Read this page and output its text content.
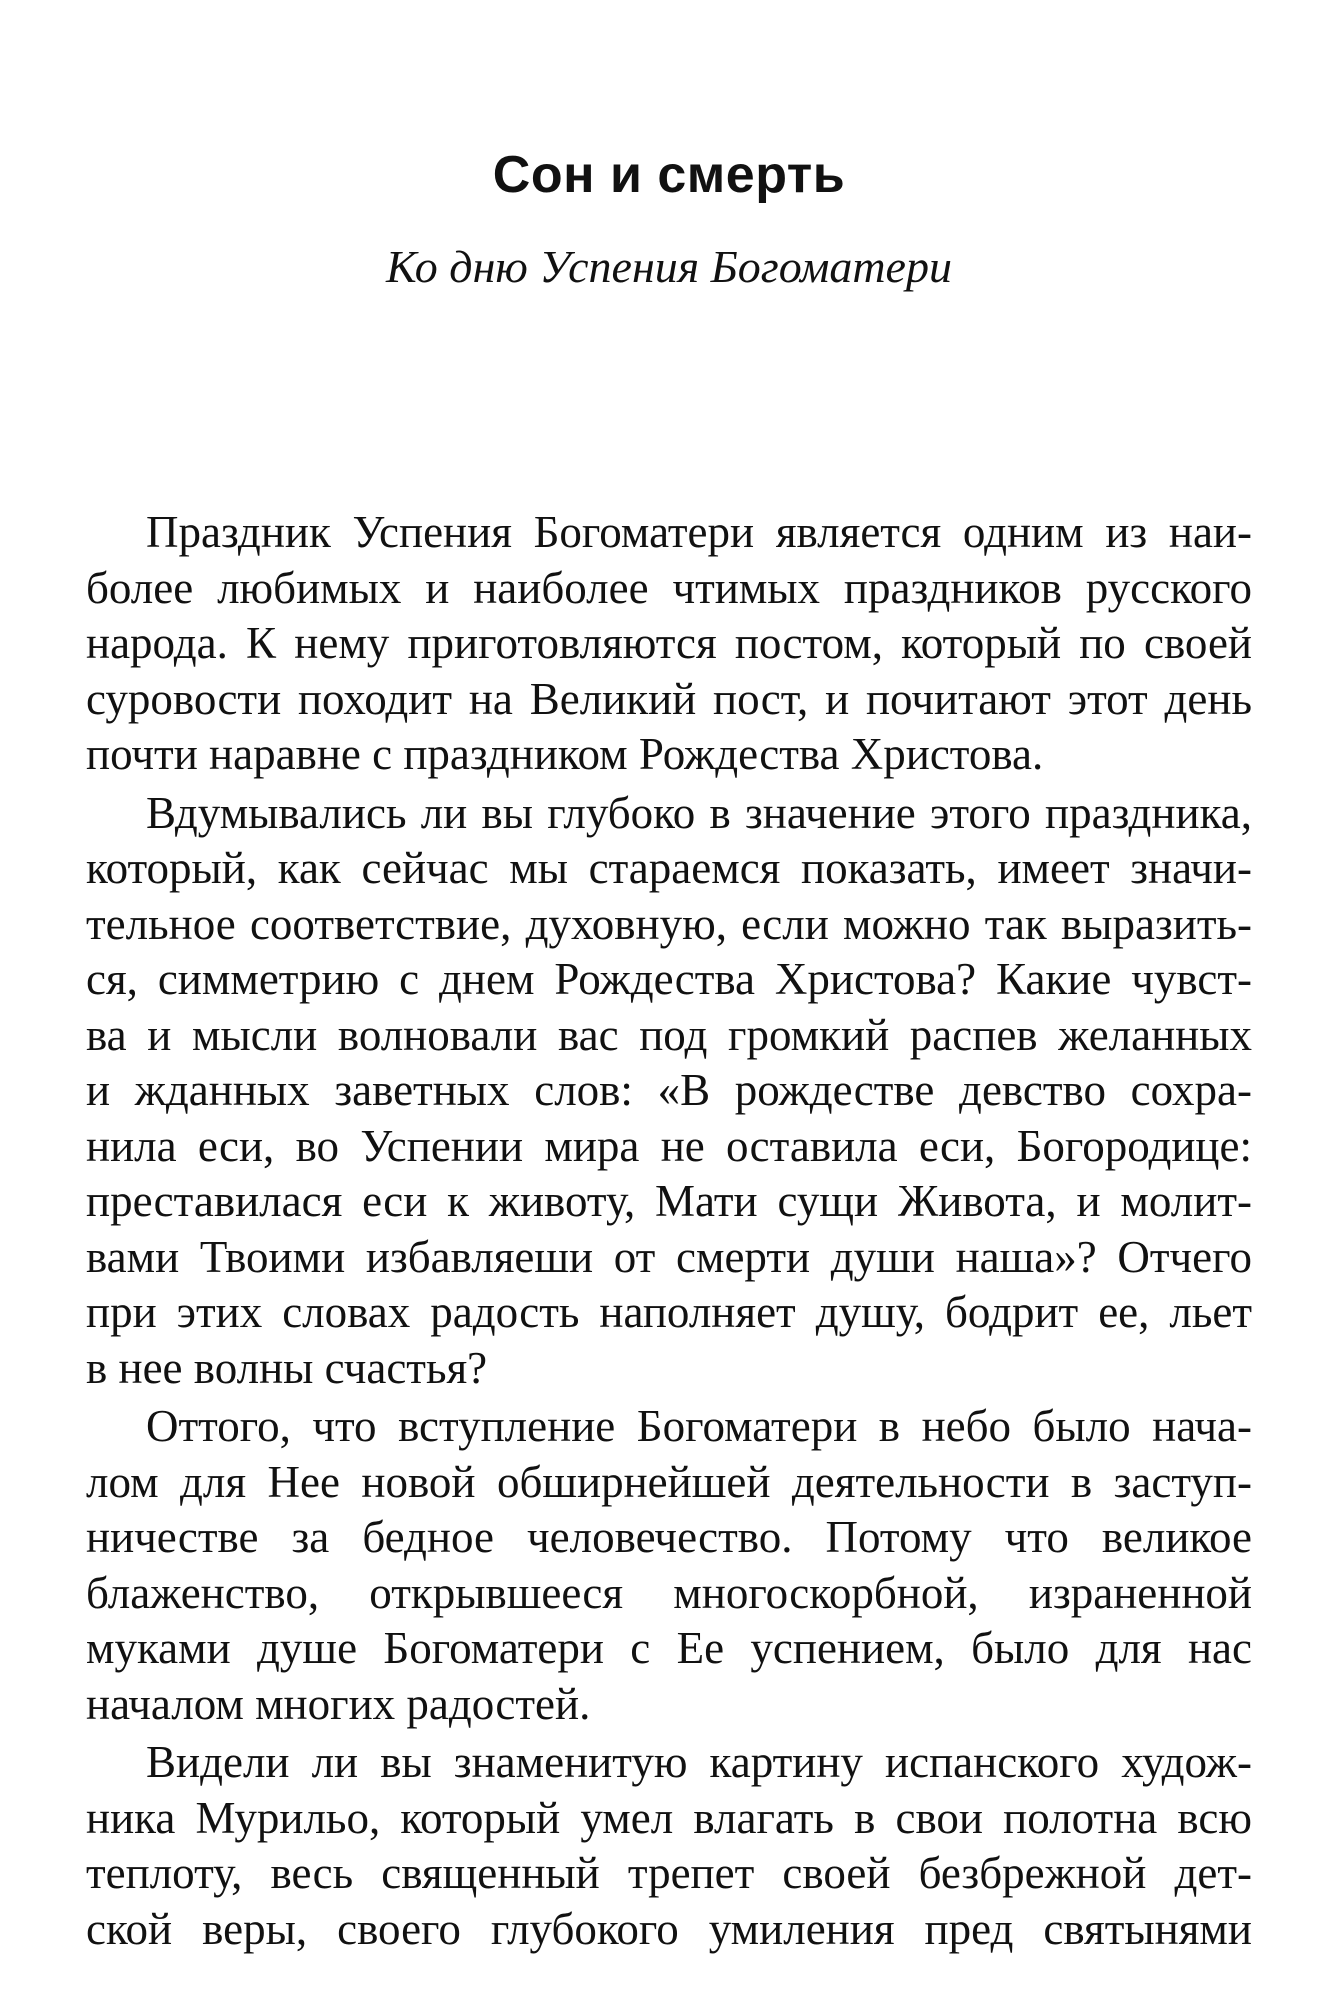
Сон и смерть
Ко дню Успения Богоматери
Праздник Успения Богоматери является одним из наи-
более любимых и наиболее чтимых праздников русского
народа. К нему приготовляются постом, который по своей
суровости походит на Великий пост, и почитают этот день
почти наравне с праздником Рождества Христова.
Вдумывались ли вы глубоко в значение этого праздника,
который, как сейчас мы стараемся показать, имеет значи-
тельное соответствие, духовную, если можно так выразить-
ся, симметрию с днем Рождества Христова? Какие чувст-
ва и мысли волновали вас под громкий распев желанных
и жданных заветных слов: «В рождестве девство сохра-
нила еси, во Успении мира не оставила еси, Богородице:
преставилася еси к животу, Мати сущи Живота, и молит-
вами Твоими избавляеши от смерти души наша»? Отчего
при этих словах радость наполняет душу, бодрит ее, льет
в нее волны счастья?
Оттого, что вступление Богоматери в небо было нача-
лом для Нее новой обширнейшей деятельности в заступ-
ничестве за бедное человечество. Потому что великое
блаженство, открывшееся многоскорбной, израненной
муками душе Богоматери с Ее успением, было для нас
началом многих радостей.
Видели ли вы знаменитую картину испанского худож-
ника Мурильо, который умел влагать в свои полотна всю
теплоту, весь священный трепет своей безбрежной дет-
ской веры, своего глубокого умиления пред святынями
